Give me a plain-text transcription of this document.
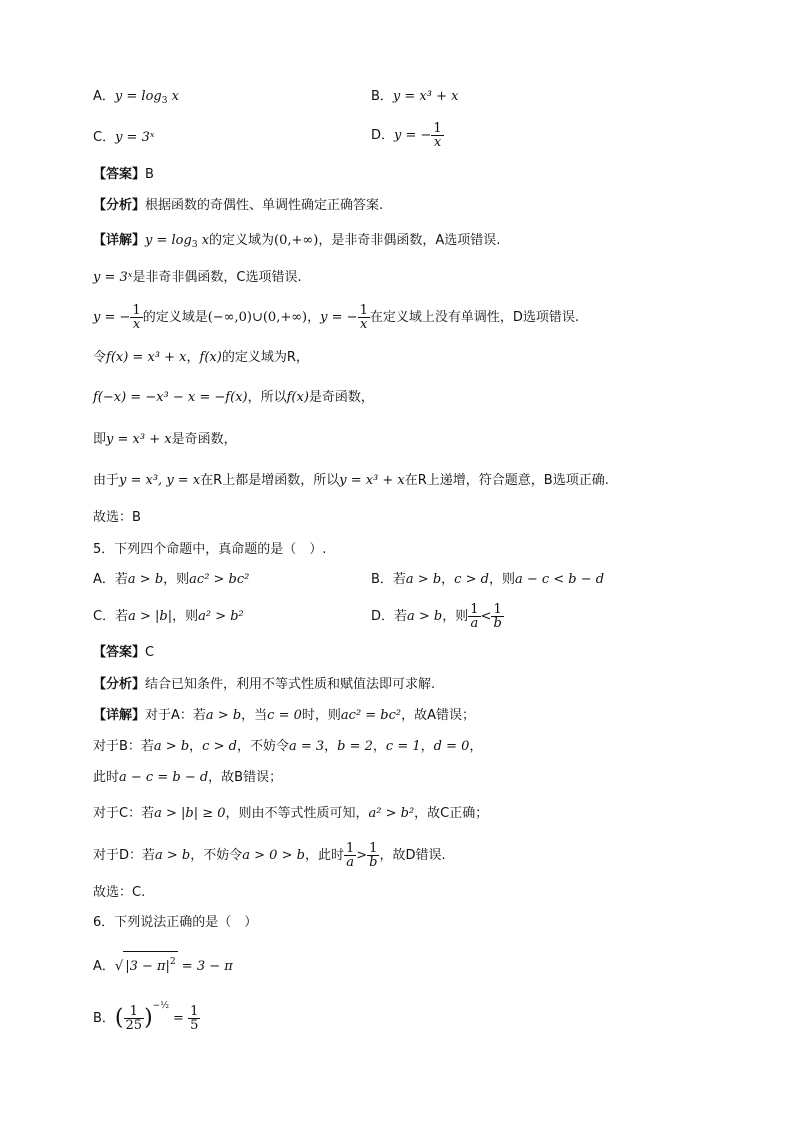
A．$y = \log_3 x$	B．y = x³ + x
C．y = 3ˣ	D．y = − $\frac{1}{x}$
【答案】B
【分析】根据函数的奇偶性、单调性确定正确答案.
【详解】$y = \log_3 x$的定义域为(0,+∞)，是非奇非偶函数，A选项错误.
y = 3ˣ是非奇非偶函数，C选项错误.
y = − $\frac{1}{x}$ 的定义域是(−∞,0)∪(0,+∞)，y = − $\frac{1}{x}$ 在定义域上没有单调性，D选项错误.
令f(x) = x³ + x，f(x)的定义域为R，
f(−x) = −x³ − x = −f(x)，所以f(x)是奇函数，
即y = x³ + x是奇函数，
由于y = x³, y = x在R上都是增函数，所以y = x³ + x在R上递增，符合题意，B选项正确.
故选：B
5．下列四个命题中，真命题的是（　）.
A．若a > b，则ac² > bc²	B．若a > b，c > d，则a − c < b − d
C．若a > |b|，则a² > b²	D．若a > b，则 $\frac{1}{a} < \frac{1}{b}$
【答案】C
【分析】结合已知条件，利用不等式性质和赋值法即可求解.
【详解】对于A：若a > b，当c = 0时，则ac² = bc²，故A错误；
对于B：若a > b，c > d，不妨令a = 3，b = 2，c = 1，d = 0，
此时a − c = b − d，故B错误；
对于C：若a > |b| ≥ 0，则由不等式性质可知，a² > b²，故C正确；
对于D：若a > b，不妨令a > 0 > b，此时 $\frac{1}{a} > \frac{1}{b}$ ，故D错误.
故选：C.
6．下列说法正确的是（　）
A．√ $|3 - \pi|^2 = 3 - \pi$
B．( $\frac{1}{25} )^{-\frac{1}{2}} = \frac{1}{5}$
